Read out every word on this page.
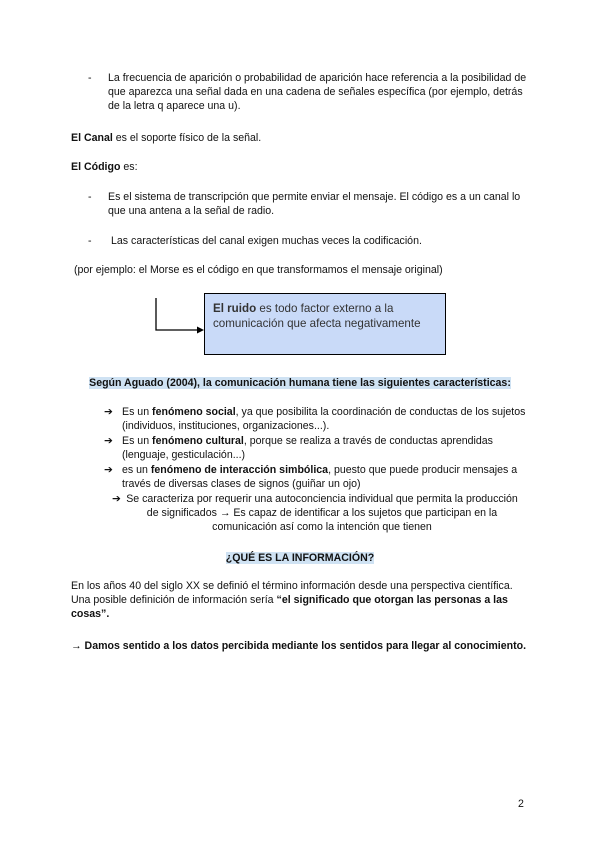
- La frecuencia de aparición o probabilidad de aparición hace referencia a la posibilidad de que aparezca una señal dada en una cadena de señales específica (por ejemplo, detrás de la letra q aparece una u).
El Canal es el soporte físico de la señal.
El Código es:
- Es el sistema de transcripción que permite enviar el mensaje. El código es a un canal lo que una antena a la señal de radio.
- Las características del canal exigen muchas veces la codificación.
(por ejemplo: el Morse es el código en que transformamos el mensaje original)
El ruido es todo factor externo a la comunicación que afecta negativamente
Según Aguado (2004), la comunicación humana tiene las siguientes características:
➔ Es un fenómeno social, ya que posibilita la coordinación de conductas de los sujetos (individuos, instituciones, organizaciones...).
➔ Es un fenómeno cultural, porque se realiza a través de conductas aprendidas (lenguaje, gesticulación...)
➔ es un fenómeno de interacción simbólica, puesto que puede producir mensajes a través de diversas clases de signos (guiñar un ojo)
➔ Se caracteriza por requerir una autoconciencia individual que permita la producción de significados → Es capaz de identificar a los sujetos que participan en la comunicación así como la intención que tienen
¿QUÉ ES LA INFORMACIÓN?
En los años 40 del siglo XX se definió el término información desde una perspectiva científica. Una posible definición de información sería “el significado que otorgan las personas a las cosas”.
→ Damos sentido a los datos percibida mediante los sentidos para llegar al conocimiento.
2
